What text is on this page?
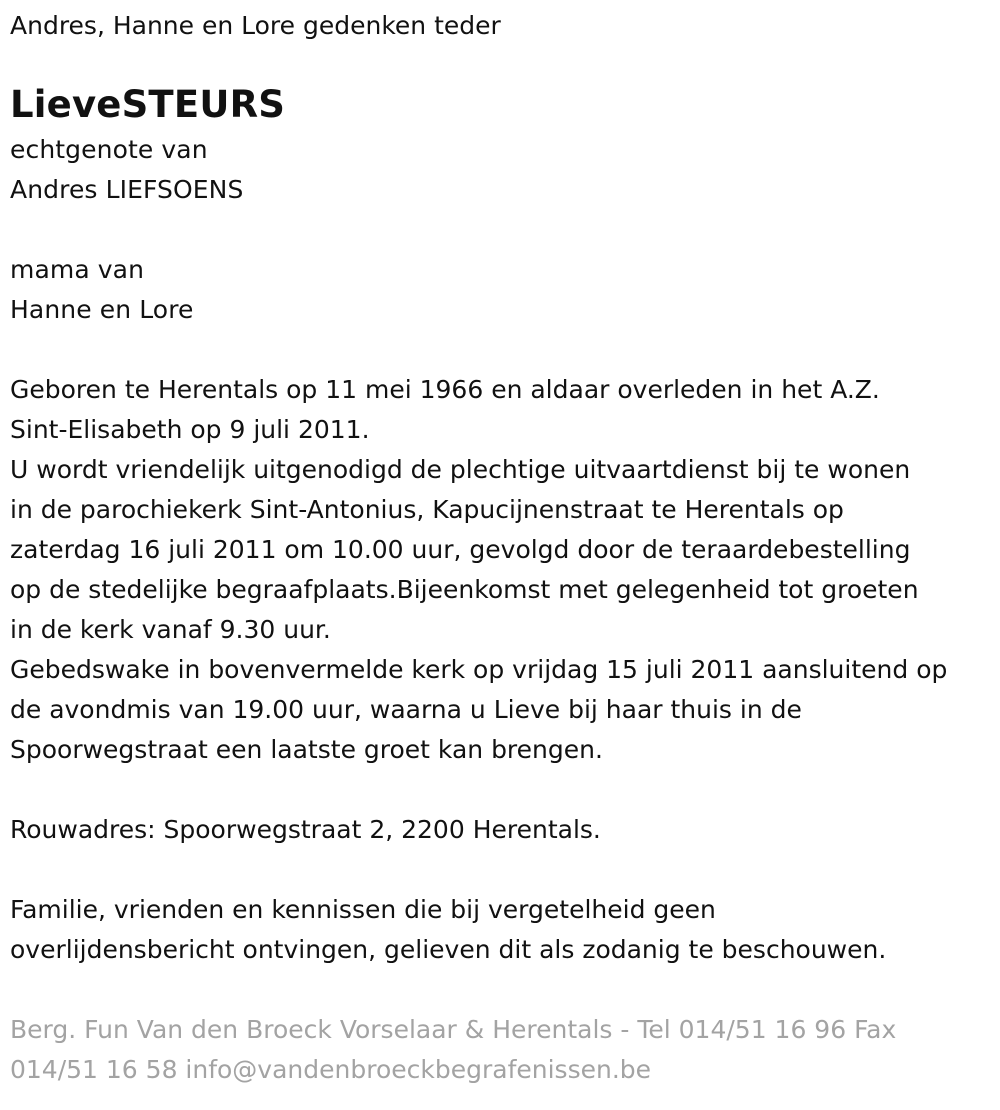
Andres, Hanne en Lore gedenken teder

LieveSTEURS
echtgenote van
Andres LIEFSOENS
mama van
Hanne en Lore
Geboren te Herentals op 11 mei 1966 en aldaar overleden in het A.Z.
Sint-Elisabeth op 9 juli 2011.
U wordt vriendelijk uitgenodigd de plechtige uitvaartdienst bij te wonen
in de parochiekerk Sint-Antonius, Kapucijnenstraat te Herentals op
zaterdag 16 juli 2011 om 10.00 uur, gevolgd door de teraardebestelling
op de stedelijke begraafplaats.Bijeenkomst met gelegenheid tot groeten
in de kerk vanaf 9.30 uur.
Gebedswake in bovenvermelde kerk op vrijdag 15 juli 2011 aansluitend op
de avondmis van 19.00 uur, waarna u Lieve bij haar thuis in de
Spoorwegstraat een laatste groet kan brengen.
Rouwadres: Spoorwegstraat 2, 2200 Herentals.
Familie, vrienden en kennissen die bij vergetelheid geen
overlijdensbericht ontvingen, gelieven dit als zodanig te beschouwen.
Berg. Fun Van den Broeck Vorselaar & Herentals - Tel 014/51 16 96 Fax
014/51 16 58 info@vandenbroeckbegrafenissen.be
